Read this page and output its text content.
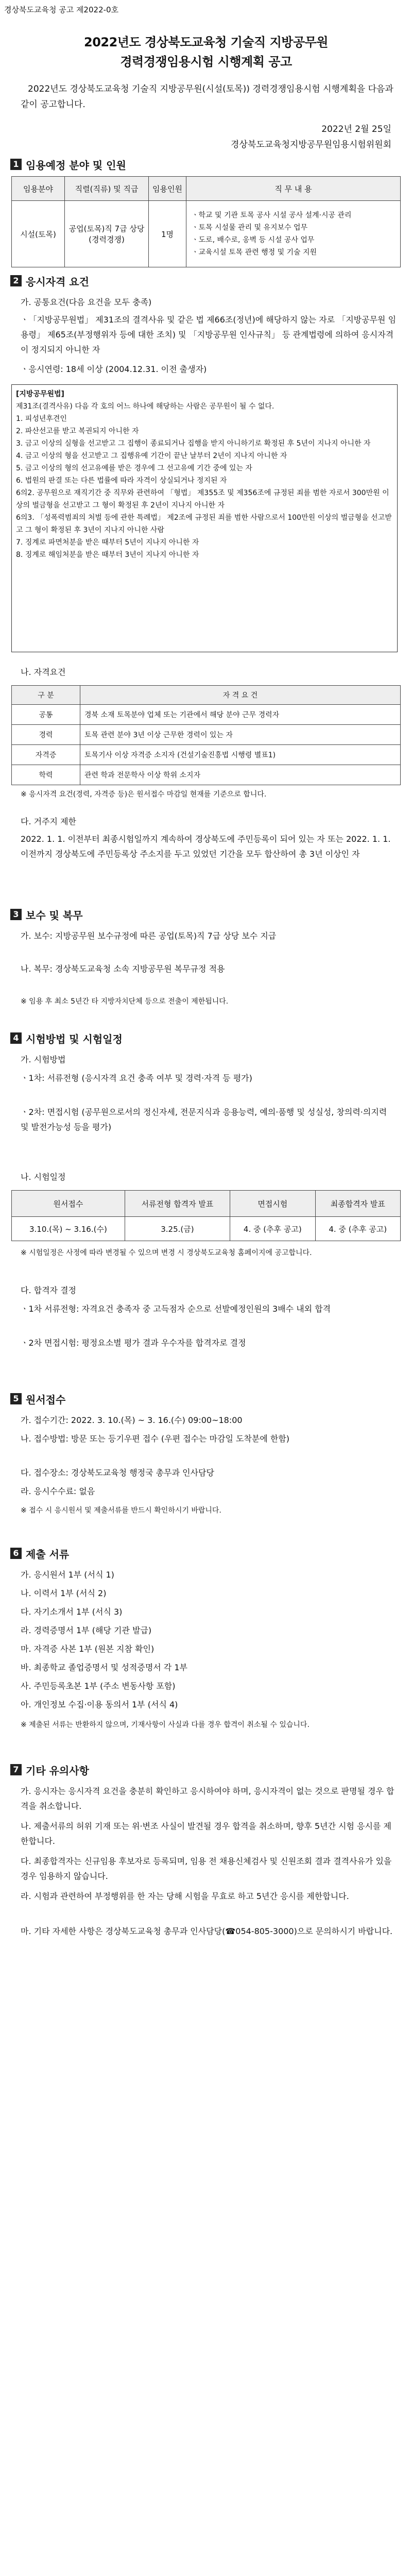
경상북도교육청 공고 제2022-0호
2022년도 경상북도교육청 기술직 지방공무원
경력경쟁임용시험 시행계획 공고
2022년도 경상북도교육청 기술직 지방공무원(시설(토목)) 경력경쟁임용시험 시행계획을 다음과 같이 공고합니다.
2022년 2월 25일
경상북도교육청지방공무원임용시험위원회
1 임용예정 분야 및 인원
임용분야	직렬(직류) 및 직급	임용인원	직 무 내 용
시설(토목)	공업(토목)직 7급 상당 (경력경쟁)	1명	ㆍ학교 및 기관 토목 공사 시설 공사 설계·시공 관리
ㆍ토목 시설물 관리 및 유지보수 업무
ㆍ도로, 배수로, 옹벽 등 시설 공사 업무
ㆍ교육시설 토목 관련 행정 및 기술 지원
2 응시자격 요건
가. 공통요건(다음 요건을 모두 충족)
ㆍ「지방공무원법」 제31조의 결격사유 및 같은 법 제66조(정년)에 해당하지 않는 자로 「지방공무원 임용령」 제65조(부정행위자 등에 대한 조치) 및 「지방공무원 인사규칙」 등 관계법령에 의하여 응시자격이 정지되지 아니한 자
ㆍ응시연령: 18세 이상 (2004.12.31. 이전 출생자)
[지방공무원법]
제31조(결격사유) 다음 각 호의 어느 하나에 해당하는 사람은 공무원이 될 수 없다.
1. 피성년후견인
2. 파산선고를 받고 복권되지 아니한 자
3. 금고 이상의 실형을 선고받고 그 집행이 종료되거나 집행을 받지 아니하기로 확정된 후 5년이 지나지 아니한 자
4. 금고 이상의 형을 선고받고 그 집행유예 기간이 끝난 날부터 2년이 지나지 아니한 자
5. 금고 이상의 형의 선고유예를 받은 경우에 그 선고유예 기간 중에 있는 자
6. 법원의 판결 또는 다른 법률에 따라 자격이 상실되거나 정지된 자
6의2. 공무원으로 재직기간 중 직무와 관련하여 「형법」 제355조 및 제356조에 규정된 죄를 범한 자로서 300만원 이상의 벌금형을 선고받고 그 형이 확정된 후 2년이 지나지 아니한 자
6의3. 「성폭력범죄의 처벌 등에 관한 특례법」 제2조에 규정된 죄를 범한 사람으로서 100만원 이상의 벌금형을 선고받고 그 형이 확정된 후 3년이 지나지 아니한 사람
7. 징계로 파면처분을 받은 때부터 5년이 지나지 아니한 자
8. 징계로 해임처분을 받은 때부터 3년이 지나지 아니한 자
나. 자격요건
구 분	자 격 요 건
공통	경북 소재 토목분야 업체 또는 기관에서 해당 분야 근무 경력자
경력	토목 관련 분야 3년 이상 근무한 경력이 있는 자
자격증	토목기사 이상 자격증 소지자 (건설기술진흥법 시행령 별표1)
학력	관련 학과 전문학사 이상 학위 소지자
※ 응시자격 요건(경력, 자격증 등)은 원서접수 마감일 현재를 기준으로 합니다.
다. 거주지 제한
2022. 1. 1. 이전부터 최종시험일까지 계속하여 경상북도에 주민등록이 되어 있는 자 또는 2022. 1. 1. 이전까지 경상북도에 주민등록상 주소지를 두고 있었던 기간을 모두 합산하여 총 3년 이상인 자
3 보수 및 복무
가. 보수: 지방공무원 보수규정에 따른 공업(토목)직 7급 상당 보수 지급
나. 복무: 경상북도교육청 소속 지방공무원 복무규정 적용
※ 임용 후 최소 5년간 타 지방자치단체 등으로 전출이 제한됩니다.
4 시험방법 및 시험일정
가. 시험방법
ㆍ1차: 서류전형 (응시자격 요건 충족 여부 및 경력·자격 등 평가)
ㆍ2차: 면접시험 (공무원으로서의 정신자세, 전문지식과 응용능력, 예의·품행 및 성실성, 창의력·의지력 및 발전가능성 등을 평가)
나. 시험일정
원서접수	서류전형 합격자 발표	면접시험	최종합격자 발표
3.10.(목) ~ 3.16.(수)	3.25.(금)	4. 중 (추후 공고)	4. 중 (추후 공고)
※ 시험일정은 사정에 따라 변경될 수 있으며 변경 시 경상북도교육청 홈페이지에 공고합니다.
다. 합격자 결정
ㆍ1차 서류전형: 자격요건 충족자 중 고득점자 순으로 선발예정인원의 3배수 내외 합격
ㆍ2차 면접시험: 평정요소별 평가 결과 우수자를 합격자로 결정
5 원서접수
가. 접수기간: 2022. 3. 10.(목) ~ 3. 16.(수) 09:00~18:00
나. 접수방법: 방문 또는 등기우편 접수 (우편 접수는 마감일 도착분에 한함)
다. 접수장소: 경상북도교육청 행정국 총무과 인사담당
라. 응시수수료: 없음
※ 접수 시 응시원서 및 제출서류를 반드시 확인하시기 바랍니다.
6 제출 서류
가. 응시원서 1부 (서식 1)
나. 이력서 1부 (서식 2)
다. 자기소개서 1부 (서식 3)
라. 경력증명서 1부 (해당 기관 발급)
마. 자격증 사본 1부 (원본 지참 확인)
바. 최종학교 졸업증명서 및 성적증명서 각 1부
사. 주민등록초본 1부 (주소 변동사항 포함)
아. 개인정보 수집·이용 동의서 1부 (서식 4)
※ 제출된 서류는 반환하지 않으며, 기재사항이 사실과 다를 경우 합격이 취소될 수 있습니다.
7 기타 유의사항
가. 응시자는 응시자격 요건을 충분히 확인하고 응시하여야 하며, 응시자격이 없는 것으로 판명될 경우 합격을 취소합니다.
나. 제출서류의 허위 기재 또는 위·변조 사실이 발견될 경우 합격을 취소하며, 향후 5년간 시험 응시를 제한합니다.
다. 최종합격자는 신규임용 후보자로 등록되며, 임용 전 채용신체검사 및 신원조회 결과 결격사유가 있을 경우 임용하지 않습니다.
라. 시험과 관련하여 부정행위를 한 자는 당해 시험을 무효로 하고 5년간 응시를 제한합니다.
마. 기타 자세한 사항은 경상북도교육청 총무과 인사담당(☎054-805-3000)으로 문의하시기 바랍니다.
